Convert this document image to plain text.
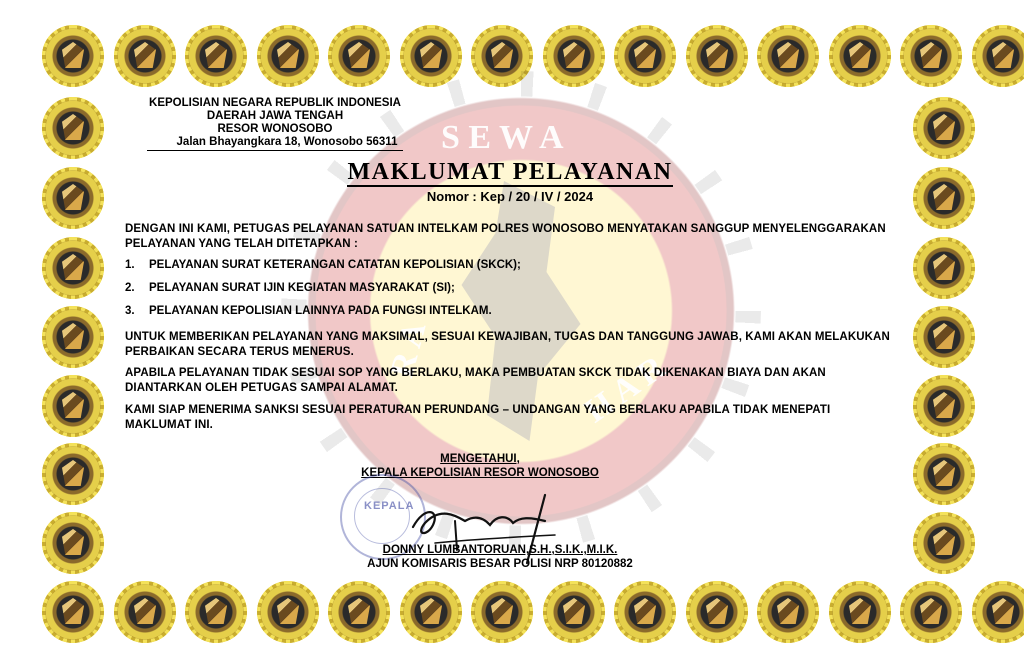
S E W A
R A	H A R
KEPOLISIAN NEGARA REPUBLIK INDONESIA
DAERAH JAWA TENGAH
RESOR WONOSOBO
Jalan Bhayangkara 18, Wonosobo 56311
MAKLUMAT PELAYANAN
Nomor : Kep / 20 / IV / 2024
DENGAN INI KAMI, PETUGAS PELAYANAN SATUAN INTELKAM POLRES WONOSOBO MENYATAKAN SANGGUP MENYELENGGARAKAN PELAYANAN YANG TELAH DITETAPKAN :
1. PELAYANAN SURAT KETERANGAN CATATAN KEPOLISIAN (SKCK);
2. PELAYANAN SURAT IJIN KEGIATAN MASYARAKAT (SI);
3. PELAYANAN KEPOLISIAN LAINNYA PADA FUNGSI INTELKAM.
UNTUK MEMBERIKAN PELAYANAN YANG MAKSIMAL, SESUAI KEWAJIBAN, TUGAS DAN TANGGUNG JAWAB, KAMI AKAN MELAKUKAN PERBAIKAN SECARA TERUS MENERUS.
APABILA PELAYANAN TIDAK SESUAI SOP YANG BERLAKU, MAKA PEMBUATAN SKCK TIDAK DIKENAKAN BIAYA DAN AKAN DIANTARKAN OLEH PETUGAS SAMPAI ALAMAT.
KAMI SIAP MENERIMA SANKSI SESUAI PERATURAN PERUNDANG – UNDANGAN YANG BERLAKU APABILA TIDAK MENEPATI MAKLUMAT INI.
MENGETAHUI,
KEPALA KEPOLISIAN RESOR WONOSOBO
KEPALA
DONNY LUMBANTORUAN,S.H.,S.I.K.,M.I.K.
AJUN KOMISARIS BESAR POLISI NRP 80120882
